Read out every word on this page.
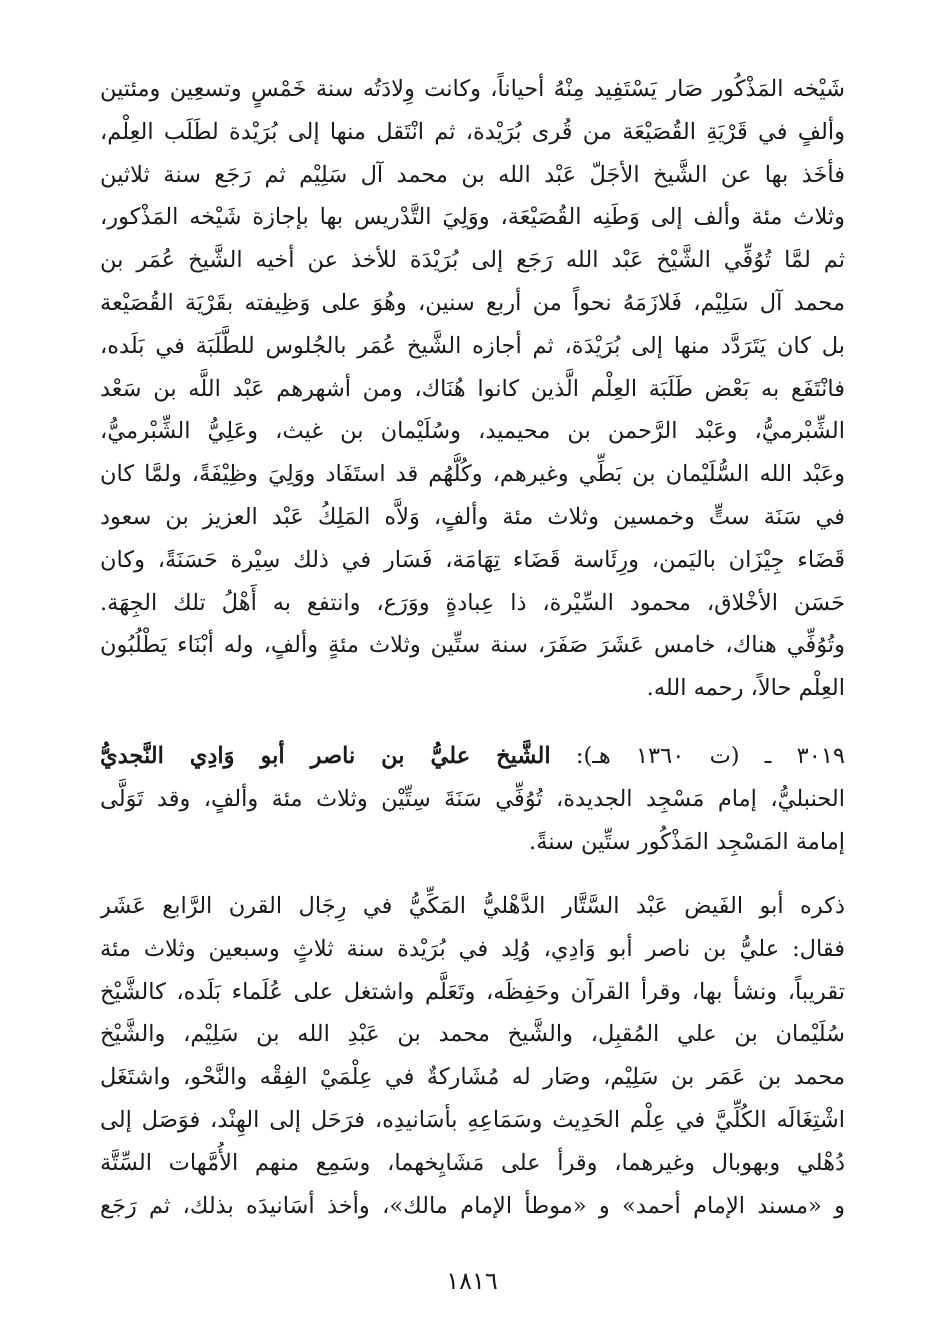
شَيْخه المَذْكُور صَار يَسْتَفِيد مِنْهُ أحياناً، وكانت وِلادَتُه سنة خَمْسٍ وتسعِين ومئتين
وألفٍ في قَرْيَةِ القُصَيْعَة من قُرى بُرَيْدة، ثم انْتَقل منها إلى بُرَيْدة لطَلَب العِلْم،
فأخَذ بها عن الشَّيخ الأجَلّ عَبْد الله بن محمد آل سَلِيْم ثم رَجَع سنة ثلاثين
وثلاث مئة وألف إلى وَطَنِه القُصَيْعَة، ووَلِيَ التَّدْريس بها بإجازة شَيْخه المَذْكور،
ثم لمَّا تُوُفِّي الشَّيْخ عَبْد الله رَجَع إلى بُرَيْدَة للأخذ عن أخيه الشَّيخ عُمَر بن
محمد آل سَلِيْم، فَلازَمَهُ نحواً من أربع سنين، وهُوَ على وَظِيفته بقَرْيَة القُصَيْعة
بل كان يَتَرَدَّد منها إلى بُرَيْدَة، ثم أجازه الشَّيخ عُمَر بالجُلوس للطَّلَبَة في بَلَده،
فانْتَفَع به بَعْض طَلَبَة العِلْم الَّذين كانوا هُنَاك، ومن أشهرهم عَبْد اللَّه بن سَعْد
الشِّبْرميُّ، وعَبْد الرَّحمن بن محيميد، وسُلَيْمان بن غيث، وعَلِيُّ الشِّبْرميُّ،
وعَبْد الله السُّلَيْمان بن بَطِّي وغيرهم، وكُلُّهُم قد استَفَاد ووَلِيَ وظِيْفَةً، ولمَّا كان
في سَنَة ستٍّ وخمسين وثلاث مئة وألفٍ، وَلاَّه المَلِكُ عَبْد العزيز بن سعود
قَضَاء جِيْزَان باليَمن، ورِئَاسة قَضَاء تِهَامَة، فَسَار في ذلك سِيْرة حَسَنَةً، وكان
حَسَن الأخْلاق، محمود السِّيْرة، ذا عِبادةٍ ووَرَع، وانتفع به أَهْلُ تلك الجِهَة.
وتُوُفِّي هناك، خامس عَشَرَ صَفَرَ، سنة ستِّين وثلاث مئةٍ وألفٍ، وله أبْنَاء يَطْلُبُون
العِلْم حالاً، رحمه الله.
٣٠١٩ ـ (ت ١٣٦٠ هـ): الشَّيخ عليُّ بن ناصر أبو وَادِي النَّجديُّ
الحنبليُّ، إمام مَسْجِد الجديدة، تُوُفِّي سَنَةَ سِتِّيْن وثلاث مئة وألفٍ، وقد تَوَلَّى
إمامة المَسْجِد المَذْكُور ستِّين سنةً.
ذكره أبو الفَيض عَبْد السَّتَّار الدَّهْليُّ المَكِّيُّ في رِجَال القرن الرَّابع عَشَر
فقال: عليُّ بن ناصر أبو وَادِي، وُلِد في بُرَيْدة سنة ثلاثٍ وسبعين وثلاث مئة
تقريباً، ونشأ بها، وقرأ القرآن وحَفِظَه، وتَعَلَّم واشتغل على عُلَماء بَلَده، كالشَّيْخ
سُلَيْمان بن علي المُقبِل، والشَّيخ محمد بن عَبْدِ الله بن سَلِيْم، والشَّيْخ
محمد بن عَمَر بن سَلِيْم، وصَار له مُشَاركةٌ في عِلْمَيْ الفِقْه والنَّحْو، واشتَغَل
اشْتِغَالَه الكُلِّيَّ في عِلْم الحَدِيث وسَمَاعِهِ بأسَانيدِه، فرَحَل إلى الهِنْد، فوَصَل إلى
دُهْلي وبهوبال وغيرهما، وقرأ على مَشَايِخهما، وسَمِع منهم الأُمَّهات السِّتَّة
و «مسند الإمام أحمد» و «موطأ الإمام مالك»، وأخذ أسَانيدَه بذلك، ثم رَجَع
١٨١٦
